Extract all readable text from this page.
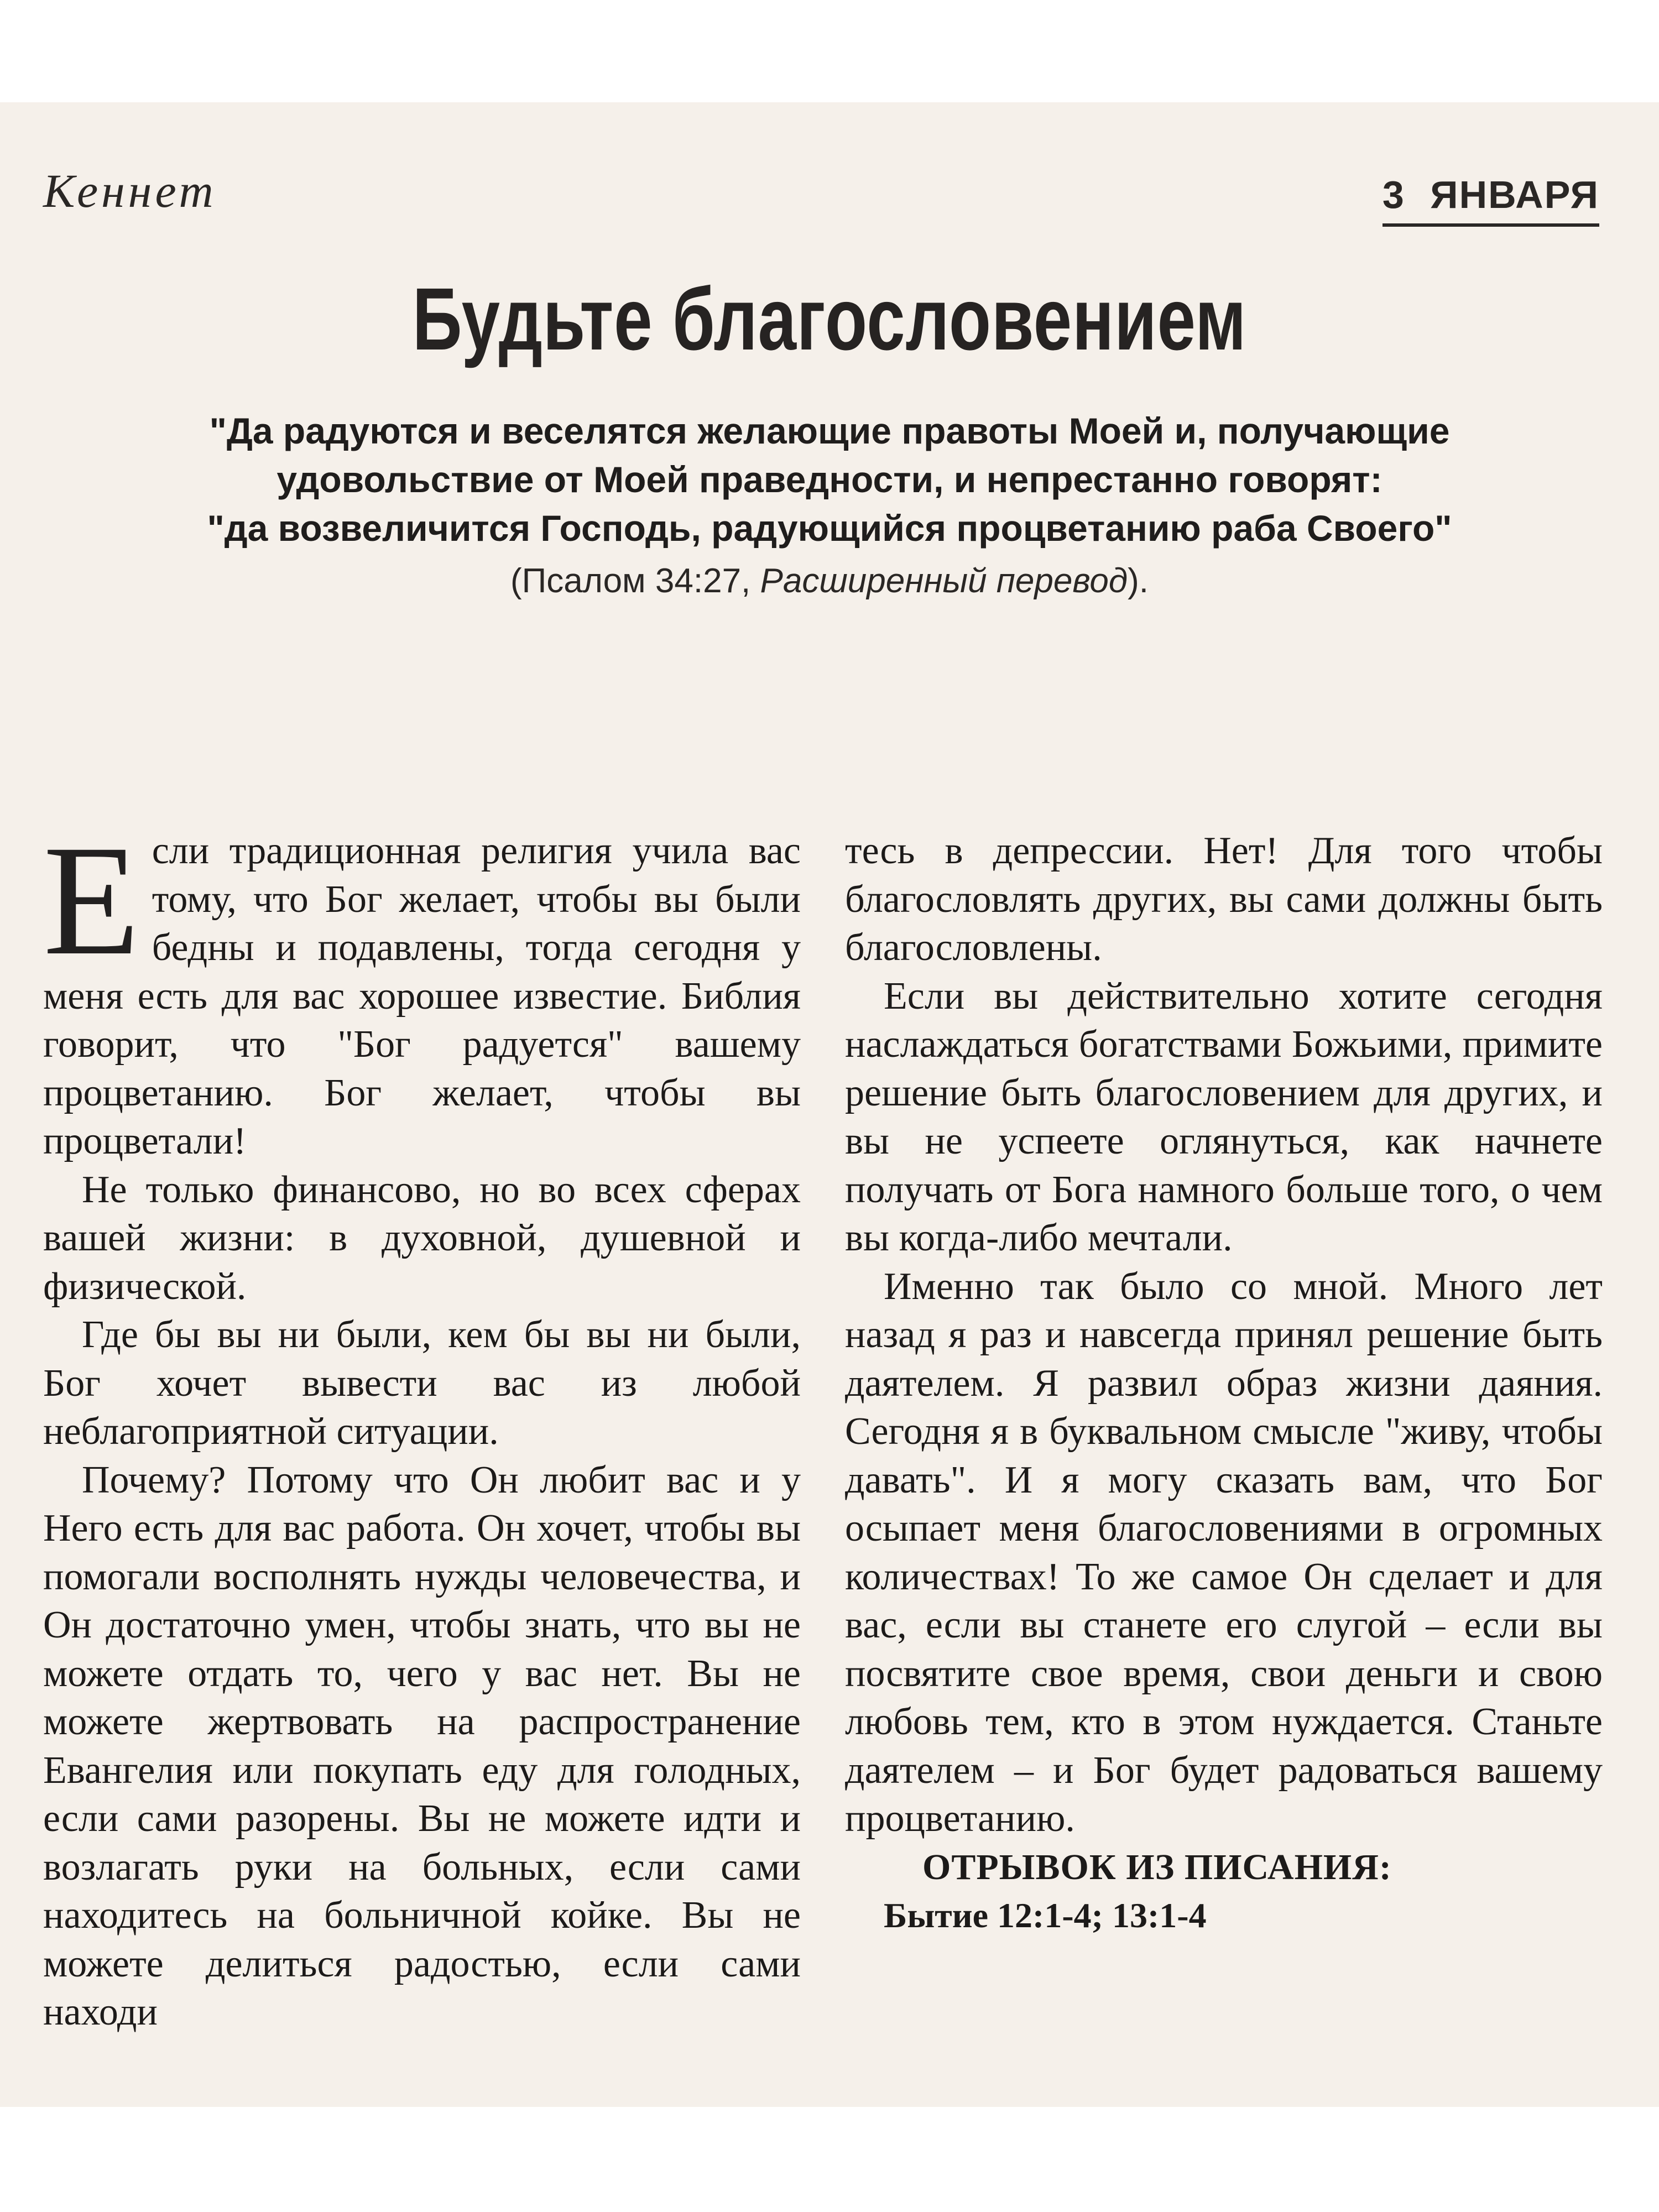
Кеннет	3 ЯНВАРЯ
Будьте благословением
"Да радуются и веселятся желающие правоты Моей и, получающие
удовольствие от Моей праведности, и непрестанно говорят:
"да возвеличится Господь, радующийся процветанию раба Своего"
(Псалом 34:27, Расширенный перевод).
Е сли традиционная религия учила вас тому, что Бог желает, чтобы вы были бедны и подавлены, тогда сегодня у меня есть для вас хорошее известие. Библия говорит, что "Бог радуется" вашему процветанию. Бог желает, чтобы вы процветали!

Не только финансово, но во всех сферах вашей жизни: в духовной, душевной и физической.

Где бы вы ни были, кем бы вы ни были, Бог хочет вывести вас из любой неблагоприятной ситуации.

Почему? Потому что Он любит вас и у Него есть для вас работа. Он хочет, чтобы вы помогали восполнять нужды человечества, и Он достаточно умен, чтобы знать, что вы не можете отдать то, чего у вас нет. Вы не можете жертвовать на распространение Евангелия или покупать еду для голодных, если сами разорены. Вы не можете идти и возлагать руки на больных, если сами находитесь на больничной койке. Вы не можете делиться радостью, если сами находи

тесь в депрессии. Нет! Для того чтобы благословлять других, вы сами должны быть благословлены.

Если вы действительно хотите сегодня наслаждаться богатствами Божьими, примите решение быть благословением для других, и вы не успеете оглянуться, как начнете получать от Бога намного больше того, о чем вы когда-либо мечтали.

Именно так было со мной. Много лет назад я раз и навсегда принял решение быть даятелем. Я развил образ жизни даяния. Сегодня я в буквальном смысле "живу, чтобы давать". И я могу сказать вам, что Бог осыпает меня благословениями в огромных количествах! То же самое Он сделает и для вас, если вы станете его слугой – если вы посвятите свое время, свои деньги и свою любовь тем, кто в этом нуждается. Станьте даятелем – и Бог будет радоваться вашему процветанию.

ОТРЫВОК ИЗ ПИСАНИЯ:

Бытие 12:1-4; 13:1-4
